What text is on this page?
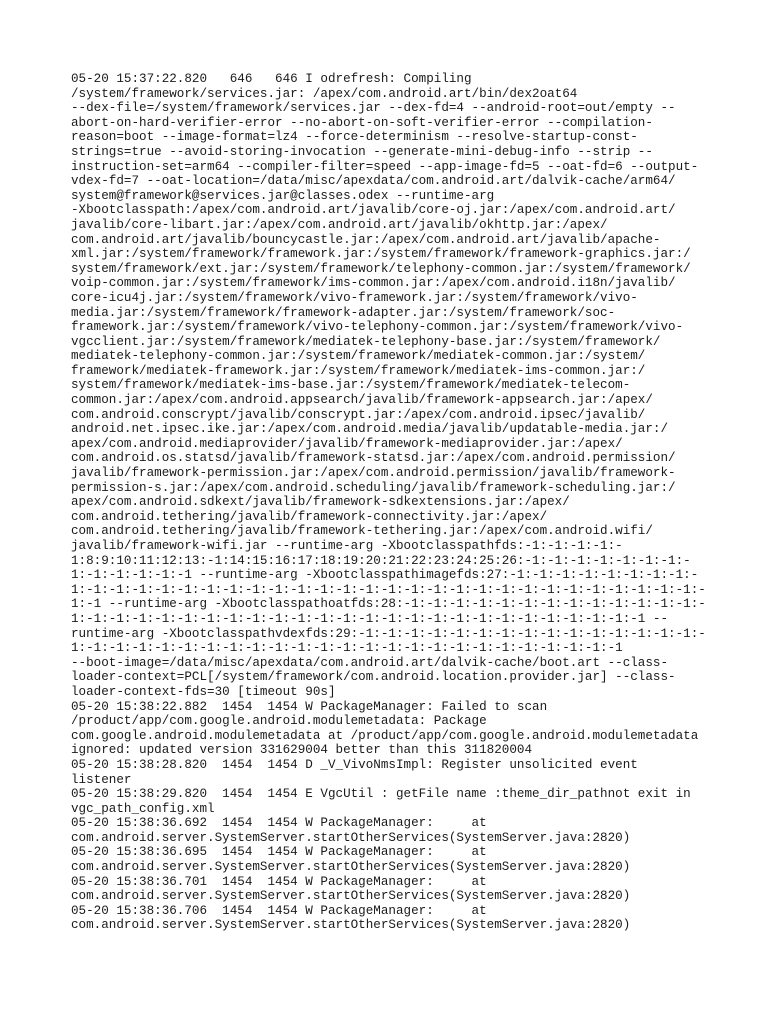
05-20 15:37:22.820   646   646 I odrefresh: Compiling
/system/framework/services.jar: /apex/com.android.art/bin/dex2oat64
--dex-file=/system/framework/services.jar --dex-fd=4 --android-root=out/empty --
abort-on-hard-verifier-error --no-abort-on-soft-verifier-error --compilation-
reason=boot --image-format=lz4 --force-determinism --resolve-startup-const-
strings=true --avoid-storing-invocation --generate-mini-debug-info --strip --
instruction-set=arm64 --compiler-filter=speed --app-image-fd=5 --oat-fd=6 --output-
vdex-fd=7 --oat-location=/data/misc/apexdata/com.android.art/dalvik-cache/arm64/
system@framework@services.jar@classes.odex --runtime-arg
-Xbootclasspath:/apex/com.android.art/javalib/core-oj.jar:/apex/com.android.art/
javalib/core-libart.jar:/apex/com.android.art/javalib/okhttp.jar:/apex/
com.android.art/javalib/bouncycastle.jar:/apex/com.android.art/javalib/apache-
xml.jar:/system/framework/framework.jar:/system/framework/framework-graphics.jar:/
system/framework/ext.jar:/system/framework/telephony-common.jar:/system/framework/
voip-common.jar:/system/framework/ims-common.jar:/apex/com.android.i18n/javalib/
core-icu4j.jar:/system/framework/vivo-framework.jar:/system/framework/vivo-
media.jar:/system/framework/framework-adapter.jar:/system/framework/soc-
framework.jar:/system/framework/vivo-telephony-common.jar:/system/framework/vivo-
vgcclient.jar:/system/framework/mediatek-telephony-base.jar:/system/framework/
mediatek-telephony-common.jar:/system/framework/mediatek-common.jar:/system/
framework/mediatek-framework.jar:/system/framework/mediatek-ims-common.jar:/
system/framework/mediatek-ims-base.jar:/system/framework/mediatek-telecom-
common.jar:/apex/com.android.appsearch/javalib/framework-appsearch.jar:/apex/
com.android.conscrypt/javalib/conscrypt.jar:/apex/com.android.ipsec/javalib/
android.net.ipsec.ike.jar:/apex/com.android.media/javalib/updatable-media.jar:/
apex/com.android.mediaprovider/javalib/framework-mediaprovider.jar:/apex/
com.android.os.statsd/javalib/framework-statsd.jar:/apex/com.android.permission/
javalib/framework-permission.jar:/apex/com.android.permission/javalib/framework-
permission-s.jar:/apex/com.android.scheduling/javalib/framework-scheduling.jar:/
apex/com.android.sdkext/javalib/framework-sdkextensions.jar:/apex/
com.android.tethering/javalib/framework-connectivity.jar:/apex/
com.android.tethering/javalib/framework-tethering.jar:/apex/com.android.wifi/
javalib/framework-wifi.jar --runtime-arg -Xbootclasspathfds:-1:-1:-1:-1:-
1:8:9:10:11:12:13:-1:14:15:16:17:18:19:20:21:22:23:24:25:26:-1:-1:-1:-1:-1:-1:-1:-
1:-1:-1:-1:-1:-1 --runtime-arg -Xbootclasspathimagefds:27:-1:-1:-1:-1:-1:-1:-1:-1:-
1:-1:-1:-1:-1:-1:-1:-1:-1:-1:-1:-1:-1:-1:-1:-1:-1:-1:-1:-1:-1:-1:-1:-1:-1:-1:-1:-1:-
1:-1 --runtime-arg -Xbootclasspathoatfds:28:-1:-1:-1:-1:-1:-1:-1:-1:-1:-1:-1:-1:-1:-
1:-1:-1:-1:-1:-1:-1:-1:-1:-1:-1:-1:-1:-1:-1:-1:-1:-1:-1:-1:-1:-1:-1:-1:-1:-1 --
runtime-arg -Xbootclasspathvdexfds:29:-1:-1:-1:-1:-1:-1:-1:-1:-1:-1:-1:-1:-1:-1:-1:-
1:-1:-1:-1:-1:-1:-1:-1:-1:-1:-1:-1:-1:-1:-1:-1:-1:-1:-1:-1:-1:-1:-1:-1:-1
--boot-image=/data/misc/apexdata/com.android.art/dalvik-cache/boot.art --class-
loader-context=PCL[/system/framework/com.android.location.provider.jar] --class-
loader-context-fds=30 [timeout 90s]
05-20 15:38:22.882  1454  1454 W PackageManager: Failed to scan
/product/app/com.google.android.modulemetadata: Package
com.google.android.modulemetadata at /product/app/com.google.android.modulemetadata
ignored: updated version 331629004 better than this 311820004
05-20 15:38:28.820  1454  1454 D _V_VivoNmsImpl: Register unsolicited event
listener
05-20 15:38:29.820  1454  1454 E VgcUtil : getFile name :theme_dir_pathnot exit in
vgc_path_config.xml
05-20 15:38:36.692  1454  1454 W PackageManager:     at
com.android.server.SystemServer.startOtherServices(SystemServer.java:2820)
05-20 15:38:36.695  1454  1454 W PackageManager:     at
com.android.server.SystemServer.startOtherServices(SystemServer.java:2820)
05-20 15:38:36.701  1454  1454 W PackageManager:     at
com.android.server.SystemServer.startOtherServices(SystemServer.java:2820)
05-20 15:38:36.706  1454  1454 W PackageManager:     at
com.android.server.SystemServer.startOtherServices(SystemServer.java:2820)
